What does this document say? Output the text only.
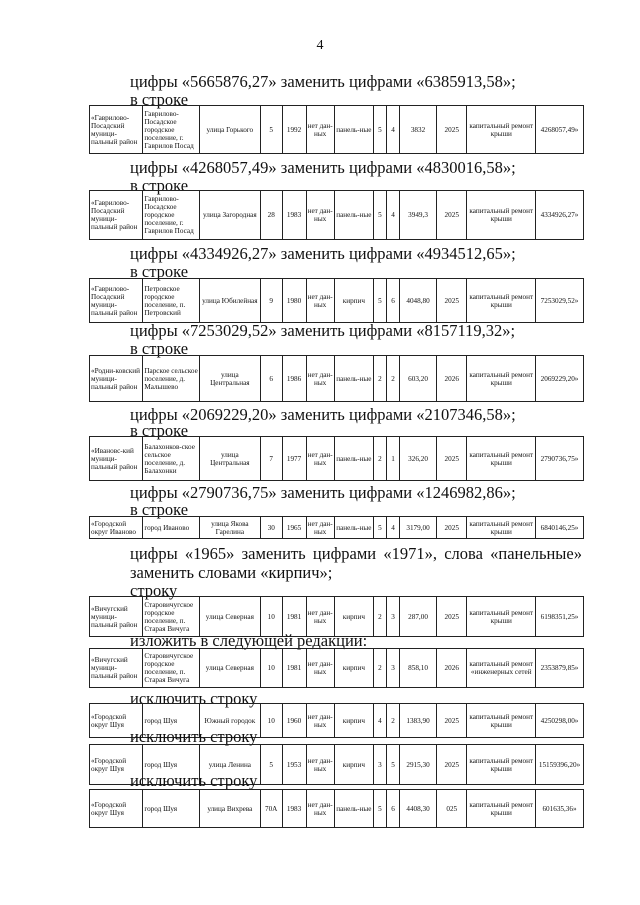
4
цифры «5665876,27» заменить цифрами «6385913,58»;
в строке
«Гаврилово-Посадский муници-пальный район	Гаврилово-Посадское городское поселение, г. Гаврилов Посад	улица Горького	5	1992	нет дан-ных	панель-ные	5	4	3832	2025	капитальный ремонт крыши	4268057,49»
цифры «4268057,49» заменить цифрами «4830016,58»;
в строке
«Гаврилово-Посадский муници-пальный район	Гаврилово-Посадское городское поселение, г. Гаврилов Посад	улица Загородная	28	1983	нет дан-ных	панель-ные	5	4	3949,3	2025	капитальный ремонт крыши	4334926,27»
цифры «4334926,27» заменить цифрами «4934512,65»;
в строке
«Гаврилово-Посадский муници-пальный район	Петровское городское поселение, п. Петровский	улица Юбилейная	9	1980	нет дан-ных	кирпич	5	6	4048,80	2025	капитальный ремонт крыши	7253029,52»
цифры «7253029,52» заменить цифрами «8157119,32»;
в строке
«Родни-ковский муници-пальный район	Парское сельское поселение, д. Малышево	улица Центральная	6	1986	нет дан-ных	панель-ные	2	2	603,20	2026	капитальный ремонт крыши	2069229,20»
цифры «2069229,20» заменить цифрами «2107346,58»;
в строке
«Ивановс-кий муници-пальный район	Балахонков-ское сельское поселение, д. Балахонки	улица Центральная	7	1977	нет дан-ных	панель-ные	2	1	326,20	2025	капитальный ремонт крыши	2790736,75»
цифры «2790736,75» заменить цифрами «1246982,86»;
в строке
«Городской округ Иваново	город Иваново	улица Якова Гарелина	30	1965	нет дан-ных	панель-ные	5	4	3179,00	2025	капитальный ремонт крыши	6840146,25»
цифры «1965» заменить цифрами «1971», слова «панельные»
заменить словами «кирпич»;
строку
«Вичугский муници-пальный район	Старовичугское городское поселение, п. Старая Вичуга	улица Северная	10	1981	нет дан-ных	кирпич	2	3	287,00	2025	капитальный ремонт крыши	6198351,25»
изложить в следующей редакции:
«Вичугский муници-пальный район	Старовичугское городское поселение, п. Старая Вичуга	улица Северная	10	1981	нет дан-ных	кирпич	2	3	858,10	2026	капитальный ремонт «инженерных сетей	2353879,85»
исключить строку
«Городской округ Шуя	город Шуя	Южный городок	10	1960	нет дан-ных	кирпич	4	2	1383,90	2025	капитальный ремонт крыши	4250298,00»
исключить строку
«Городской округ Шуя	город Шуя	улица Ленина	5	1953	нет дан-ных	кирпич	3	5	2915,30	2025	капитальный ремонт крыши	15159396,20»
исключить строку
«Городской округ Шуя	город Шуя	улица Вихрева	70А	1983	нет дан-ных	панель-ные	5	6	4408,30	025	капитальный ремонт крыши	601635,36»
